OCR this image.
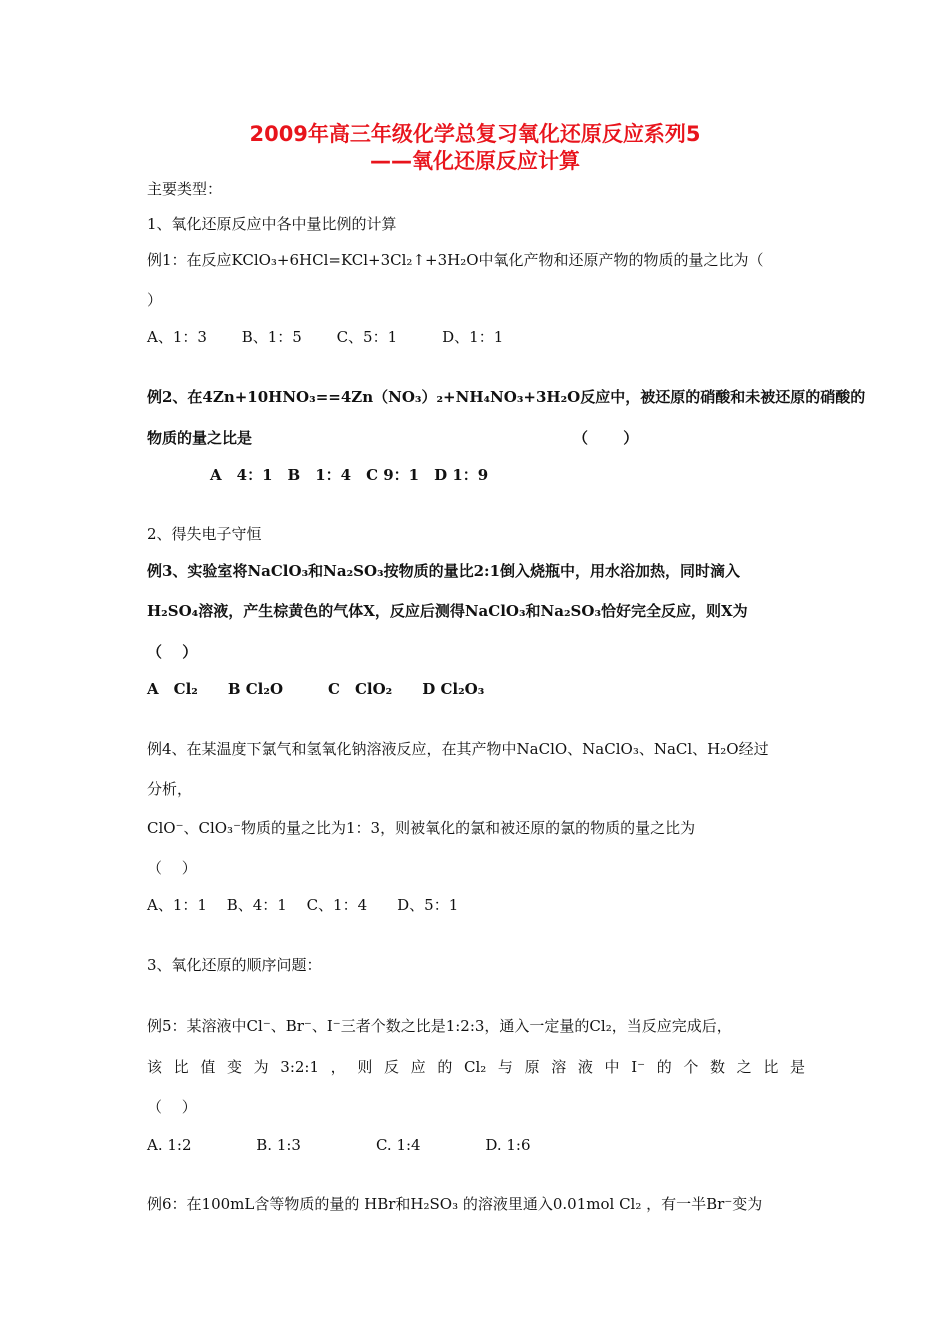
2009年高三年级化学总复习氧化还原反应系列5
——氧化还原反应计算
主要类型：
1、氧化还原反应中各中量比例的计算
例1：在反应KClO₃+6HCl=KCl+3Cl₂↑+3H₂O中氧化产物和还原产物的物质的量之比为（
）
A、1：3　　 B、1：5　　 C、5：1　　　D、1：1
例2、在4Zn+10HNO₃==4Zn（NO₃）₂+NH₄NO₃+3H₂O反应中，被还原的硝酸和未被还原的硝酸的
物质的量之比是	（　　 ）
A　4：1　B　1：4　C 9：1　D 1：9
2、得失电子守恒
例3、实验室将NaClO₃和Na₂SO₃按物质的量比2:1倒入烧瓶中，用水浴加热，同时滴入
H₂SO₄溶液，产生棕黄色的气体X，反应后测得NaClO₃和Na₂SO₃恰好完全反应，则X为
（　 ）
A　Cl₂　　B Cl₂O　　　C　ClO₂　　D Cl₂O₃
例4、在某温度下氯气和氢氧化钠溶液反应，在其产物中NaClO、NaClO₃、NaCl、H₂O经过
分析，
ClO⁻、ClO₃⁻物质的量之比为1：3，则被氧化的氯和被还原的氯的物质的量之比为
（　 ）
A、1：1　 B、4：1　 C、1：4　　D、5：1
3、氧化还原的顺序问题：
例5：某溶液中Cl⁻、Br⁻、I⁻三者个数之比是1:2:3，通入一定量的Cl₂，当反应完成后，
该比值变为3:2:1，则反应的Cl₂与原溶液中I⁻的个数之比是
（　 ）
A. 1:2　　　　 B. 1:3　　　　　C. 1:4　　　　 D. 1:6
例6：在100mL含等物质的量的 HBr和H₂SO₃ 的溶液里通入0.01mol Cl₂ ，有一半Br⁻变为
